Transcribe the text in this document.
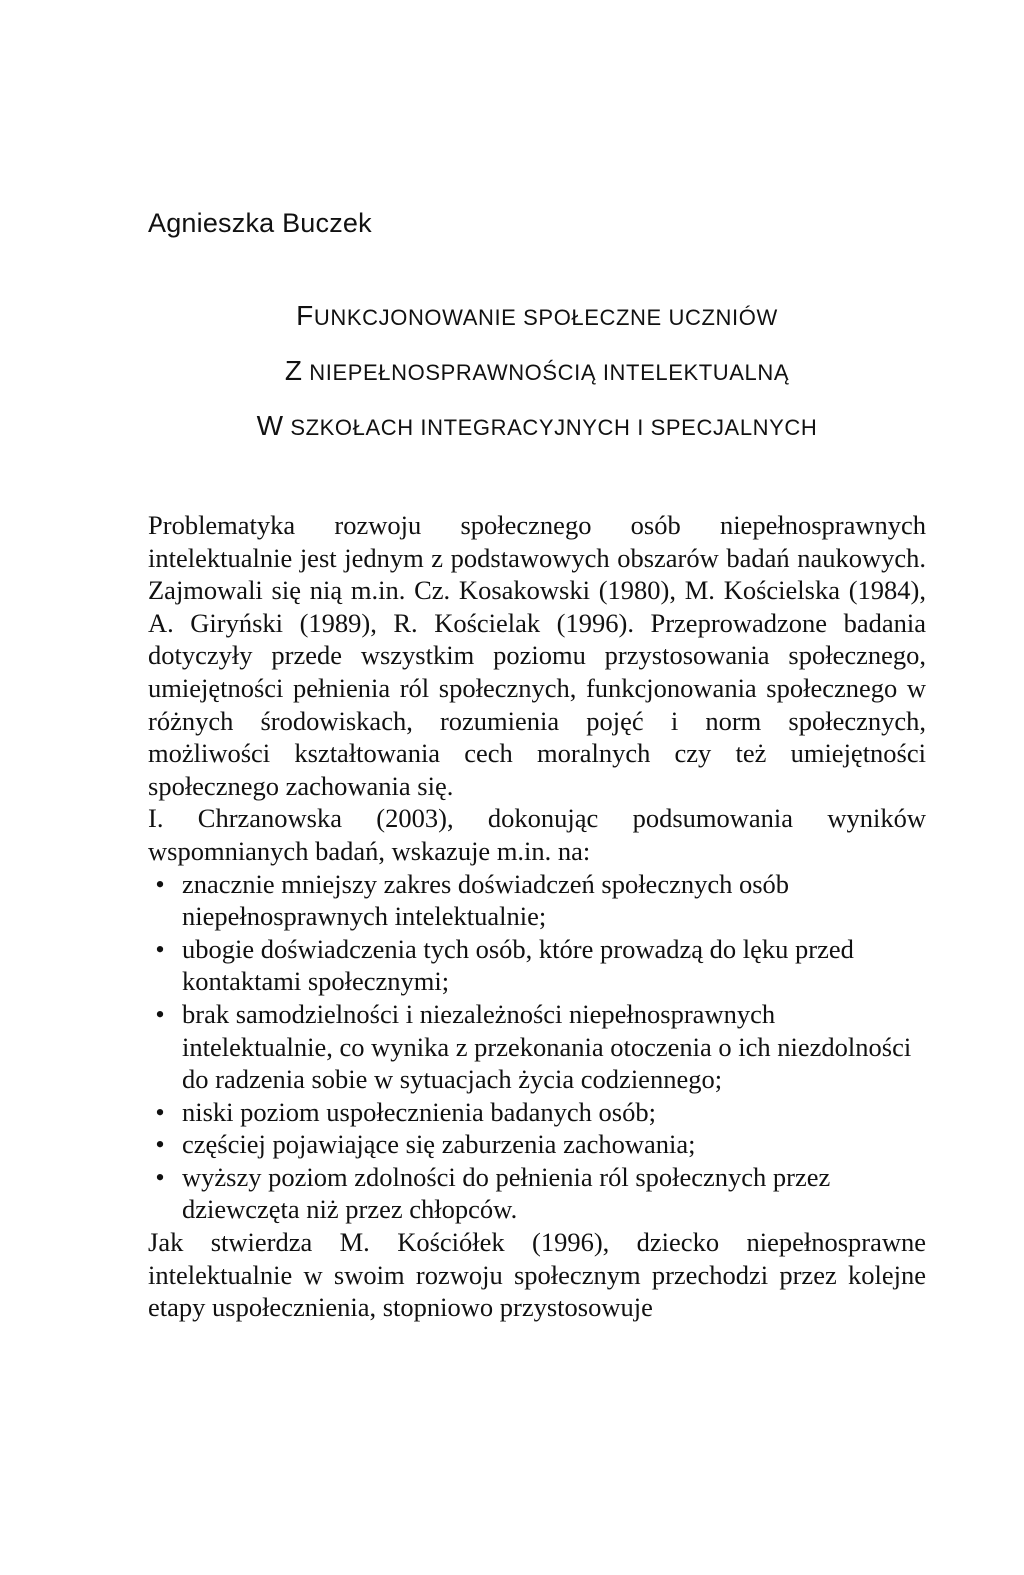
Agnieszka Buczek
FUNKCJONOWANIE SPOŁECZNE UCZNIÓW
Z NIEPEŁNOSPRAWNOŚCIĄ INTELEKTUALNĄ
W SZKOŁACH INTEGRACYJNYCH I SPECJALNYCH

Problematyka rozwoju społecznego osób niepełnosprawnych intelektualnie jest jednym z podstawowych obszarów badań naukowych. Zajmowali się nią m.in. Cz. Kosakowski (1980), M. Kościelska (1984), A. Giryński (1989), R. Kościelak (1996). Przeprowadzone badania dotyczyły przede wszystkim poziomu przystosowania społecznego, umiejętności pełnienia ról społecznych, funkcjonowania społecznego w różnych środowiskach, rozumienia pojęć i norm społecznych, możliwości kształtowania cech moralnych czy też umiejętności społecznego zachowania się.

I. Chrzanowska (2003), dokonując podsumowania wyników wspomnianych badań, wskazuje m.in. na:

• znacznie mniejszy zakres doświadczeń społecznych osób niepełnosprawnych intelektualnie;
• ubogie doświadczenia tych osób, które prowadzą do lęku przed kontaktami społecznymi;
• brak samodzielności i niezależności niepełnosprawnych intelektualnie, co wynika z przekonania otoczenia o ich niezdolności do radzenia sobie w sytuacjach życia codziennego;
• niski poziom uspołecznienia badanych osób;
• częściej pojawiające się zaburzenia zachowania;
• wyższy poziom zdolności do pełnienia ról społecznych przez dziewczęta niż przez chłopców.

Jak stwierdza M. Kościółek (1996), dziecko niepełnosprawne intelektualnie w swoim rozwoju społecznym przechodzi przez kolejne etapy uspołecznienia, stopniowo przystosowuje
